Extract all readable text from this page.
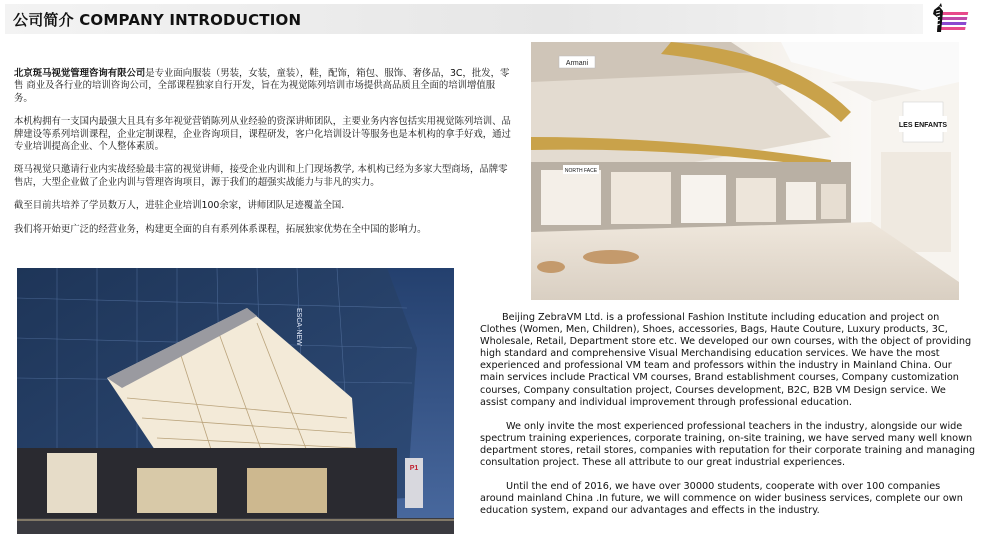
公司简介 COMPANY INTRODUCTION

北京斑马视觉管理咨询有限公司是专业面向服装（男装，女装，童装），鞋，配饰，箱包、服饰、奢侈品，3C，批发，零售 商业及各行业的培训咨询公司，全部课程独家自行开发，旨在为视觉陈列培训市场提供高品质且全面的培训增值服务。

本机构拥有一支国内最强大且具有多年视觉营销陈列从业经验的资深讲师团队，主要业务内容包括实用视觉陈列培训、品牌建设等系列培训课程，企业定制课程，企业咨询项目，课程研发，客户化培训设计等服务也是本机构的拿手好戏，通过专业培训提高企业、个人整体素质。

斑马视觉只邀请行业内实战经验最丰富的视觉讲师，接受企业内训和上门现场教学, 本机构已经为多家大型商场，品牌零售店，大型企业做了企业内训与管理咨询项目，源于我们的超强实战能力与非凡的实力。

截至目前共培养了学员数万人，进驻企业培训100余家，讲师团队足迹覆盖全国.

我们将开始更广泛的经营业务，构建更全面的自有系列体系课程，拓展独家优势在全中国的影响力。

Armani
LES ENFANTS
NORTH FACE
P1
ESCA·NEW	Beijing ZebraVM Ltd. is a professional Fashion Institute including education and project on Clothes (Women, Men, Children), Shoes, accessories, Bags, Haute Couture, Luxury products, 3C, Wholesale, Retail, Department store etc. We developed our own courses, with the object of providing high standard and comprehensive Visual Merchandising education services. We have the most experienced and professional VM team and professors within the industry in Mainland China. Our main services include Practical VM courses, Brand establishment courses, Company customization courses, Company consultation project, Courses development, B2C, B2B VM Design service. We assist company and individual improvement through professional education.

We only invite the most experienced professional teachers in the industry, alongside our wide spectrum training experiences, corporate training, on-site training, we have served many well known department stores, retail stores, companies with reputation for their corporate training and managing consultation project. These all attribute to our great industrial experiences.

Until the end of 2016, we have over 30000 students, cooperate with over 100 companies around mainland China .In future, we will commence on wider business services, complete our own education system, expand our advantages and effects in the industry.
